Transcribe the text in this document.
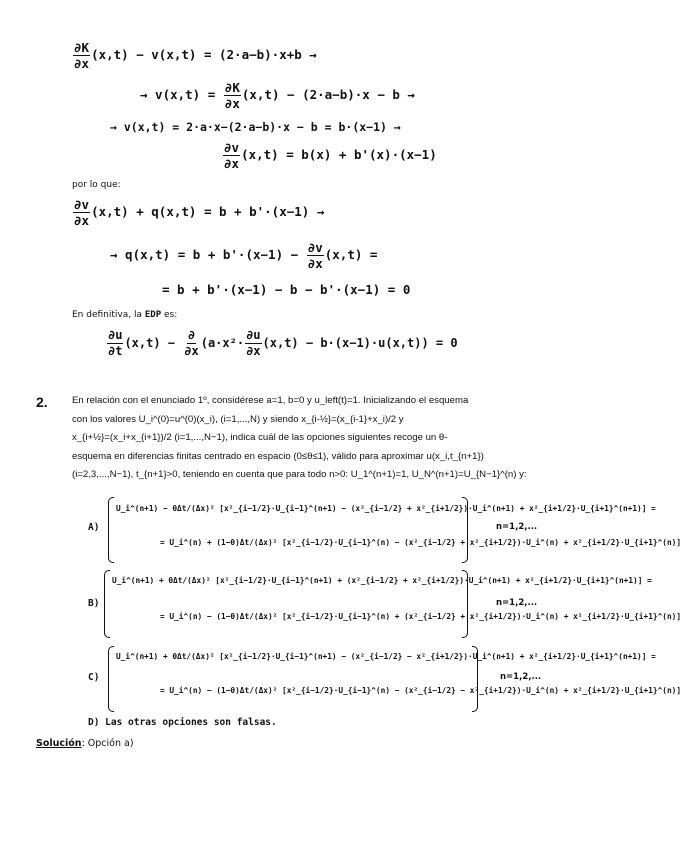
$\frac{\partial K}{\partial x} (x,t) - v(x,t) = (2\cdot a-b)\cdot x+b$ →
→ $v(x,t) = \frac{\partial K}{\partial x} (x,t) - (2\cdot a-b)\cdot x - b$ →
→ v(x,t) = 2·a·x−(2·a−b)·x − b = b·(x−1) →
$\frac{\partial v}{\partial x} (x,t) = b(x) + b'(x)\cdot(x-1)$
por lo que:
$\frac{\partial v}{\partial x} (x,t) + q(x,t) = b + b'\cdot(x-1)$ →
→ $q(x,t) = b + b'\cdot(x-1) - \frac{\partial v}{\partial x} (x,t)$ =
= b + b'·(x−1) − b − b'·(x−1) = 0
En definitiva, la EDP es:
$\frac{\partial u}{\partial t} (x,t) - \frac{\partial}{\partial x} (a\cdot x^2\cdot \frac{\partial u}{\partial x} (x,t) - b\cdot(x-1)\cdot u(x,t)) = 0$
2.	En relación con el enunciado 1º, considérese a=1, b=0 y u_left(t)=1. Inicializando el esquema
con los valores U_i^(0)=u^(0)(x_i), (i=1,...,N) y siendo x_{i-½}=(x_{i-1}+x_i)/2 y
x_{i+½}=(x_i+x_{i+1})/2 (i=1,...,N−1), indica cuál de las opciones siguientes recoge un θ-
esquema en diferencias finitas centrado en espacio (0≤θ≤1), válido para aproximar u(x_i,t_{n+1})
(i=2,3,...,N−1), t_{n+1}>0, teniendo en cuenta que para todo n>0: U_1^(n+1)=1, U_N^(n+1)=U_{N−1}^(n) y:
A)
U_i^(n+1) − θΔt/(Δx)² [x²_{i−1/2}·U_{i−1}^(n+1) − (x²_{i−1/2} + x²_{i+1/2})·U_i^(n+1) + x²_{i+1/2}·U_{i+1}^(n+1)] =
= U_i^(n) + (1−θ)Δt/(Δx)² [x²_{i−1/2}·U_{i−1}^(n) − (x²_{i−1/2} + x²_{i+1/2})·U_i^(n) + x²_{i+1/2}·U_{i+1}^(n)]
n=1,2,...
B)
U_i^(n+1) + θΔt/(Δx)² [x²_{i−1/2}·U_{i−1}^(n+1) + (x²_{i−1/2} + x²_{i+1/2})·U_i^(n+1) + x²_{i+1/2}·U_{i+1}^(n+1)] =
= U_i^(n) − (1−θ)Δt/(Δx)² [x²_{i−1/2}·U_{i−1}^(n) + (x²_{i−1/2} + x²_{i+1/2})·U_i^(n) + x²_{i+1/2}·U_{i+1}^(n)]
n=1,2,...
C)
U_i^(n+1) + θΔt/(Δx)² [x²_{i−1/2}·U_{i−1}^(n+1) − (x²_{i−1/2} − x²_{i+1/2})·U_i^(n+1) + x²_{i+1/2}·U_{i+1}^(n+1)] =
= U_i^(n) − (1−θ)Δt/(Δx)² [x²_{i−1/2}·U_{i−1}^(n) − (x²_{i−1/2} − x²_{i+1/2})·U_i^(n) + x²_{i+1/2}·U_{i+1}^(n)]
n=1,2,...
D) Las otras opciones son falsas.
Solución: Opción a)
